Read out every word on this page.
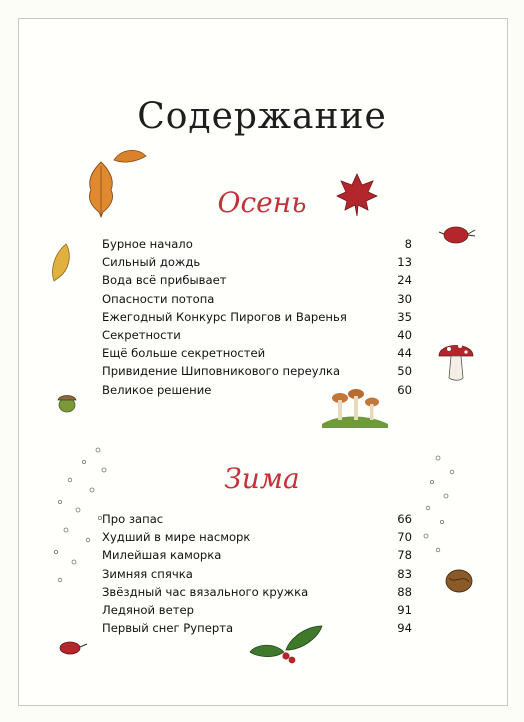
Содержание
Осень
Бурное начало	8
Сильный дождь	13
Вода всё прибывает	24
Опасности потопа	30
Ежегодный Конкурс Пирогов и Варенья	35
Секретности	40
Ещё больше секретностей	44
Привидение Шиповникового переулка	50
Великое решение	60
Зима
Про запас	66
Худший в мире насморк	70
Милейшая каморка	78
Зимняя спячка	83
Звёздный час вязального кружка	88
Ледяной ветер	91
Первый снег Руперта	94
